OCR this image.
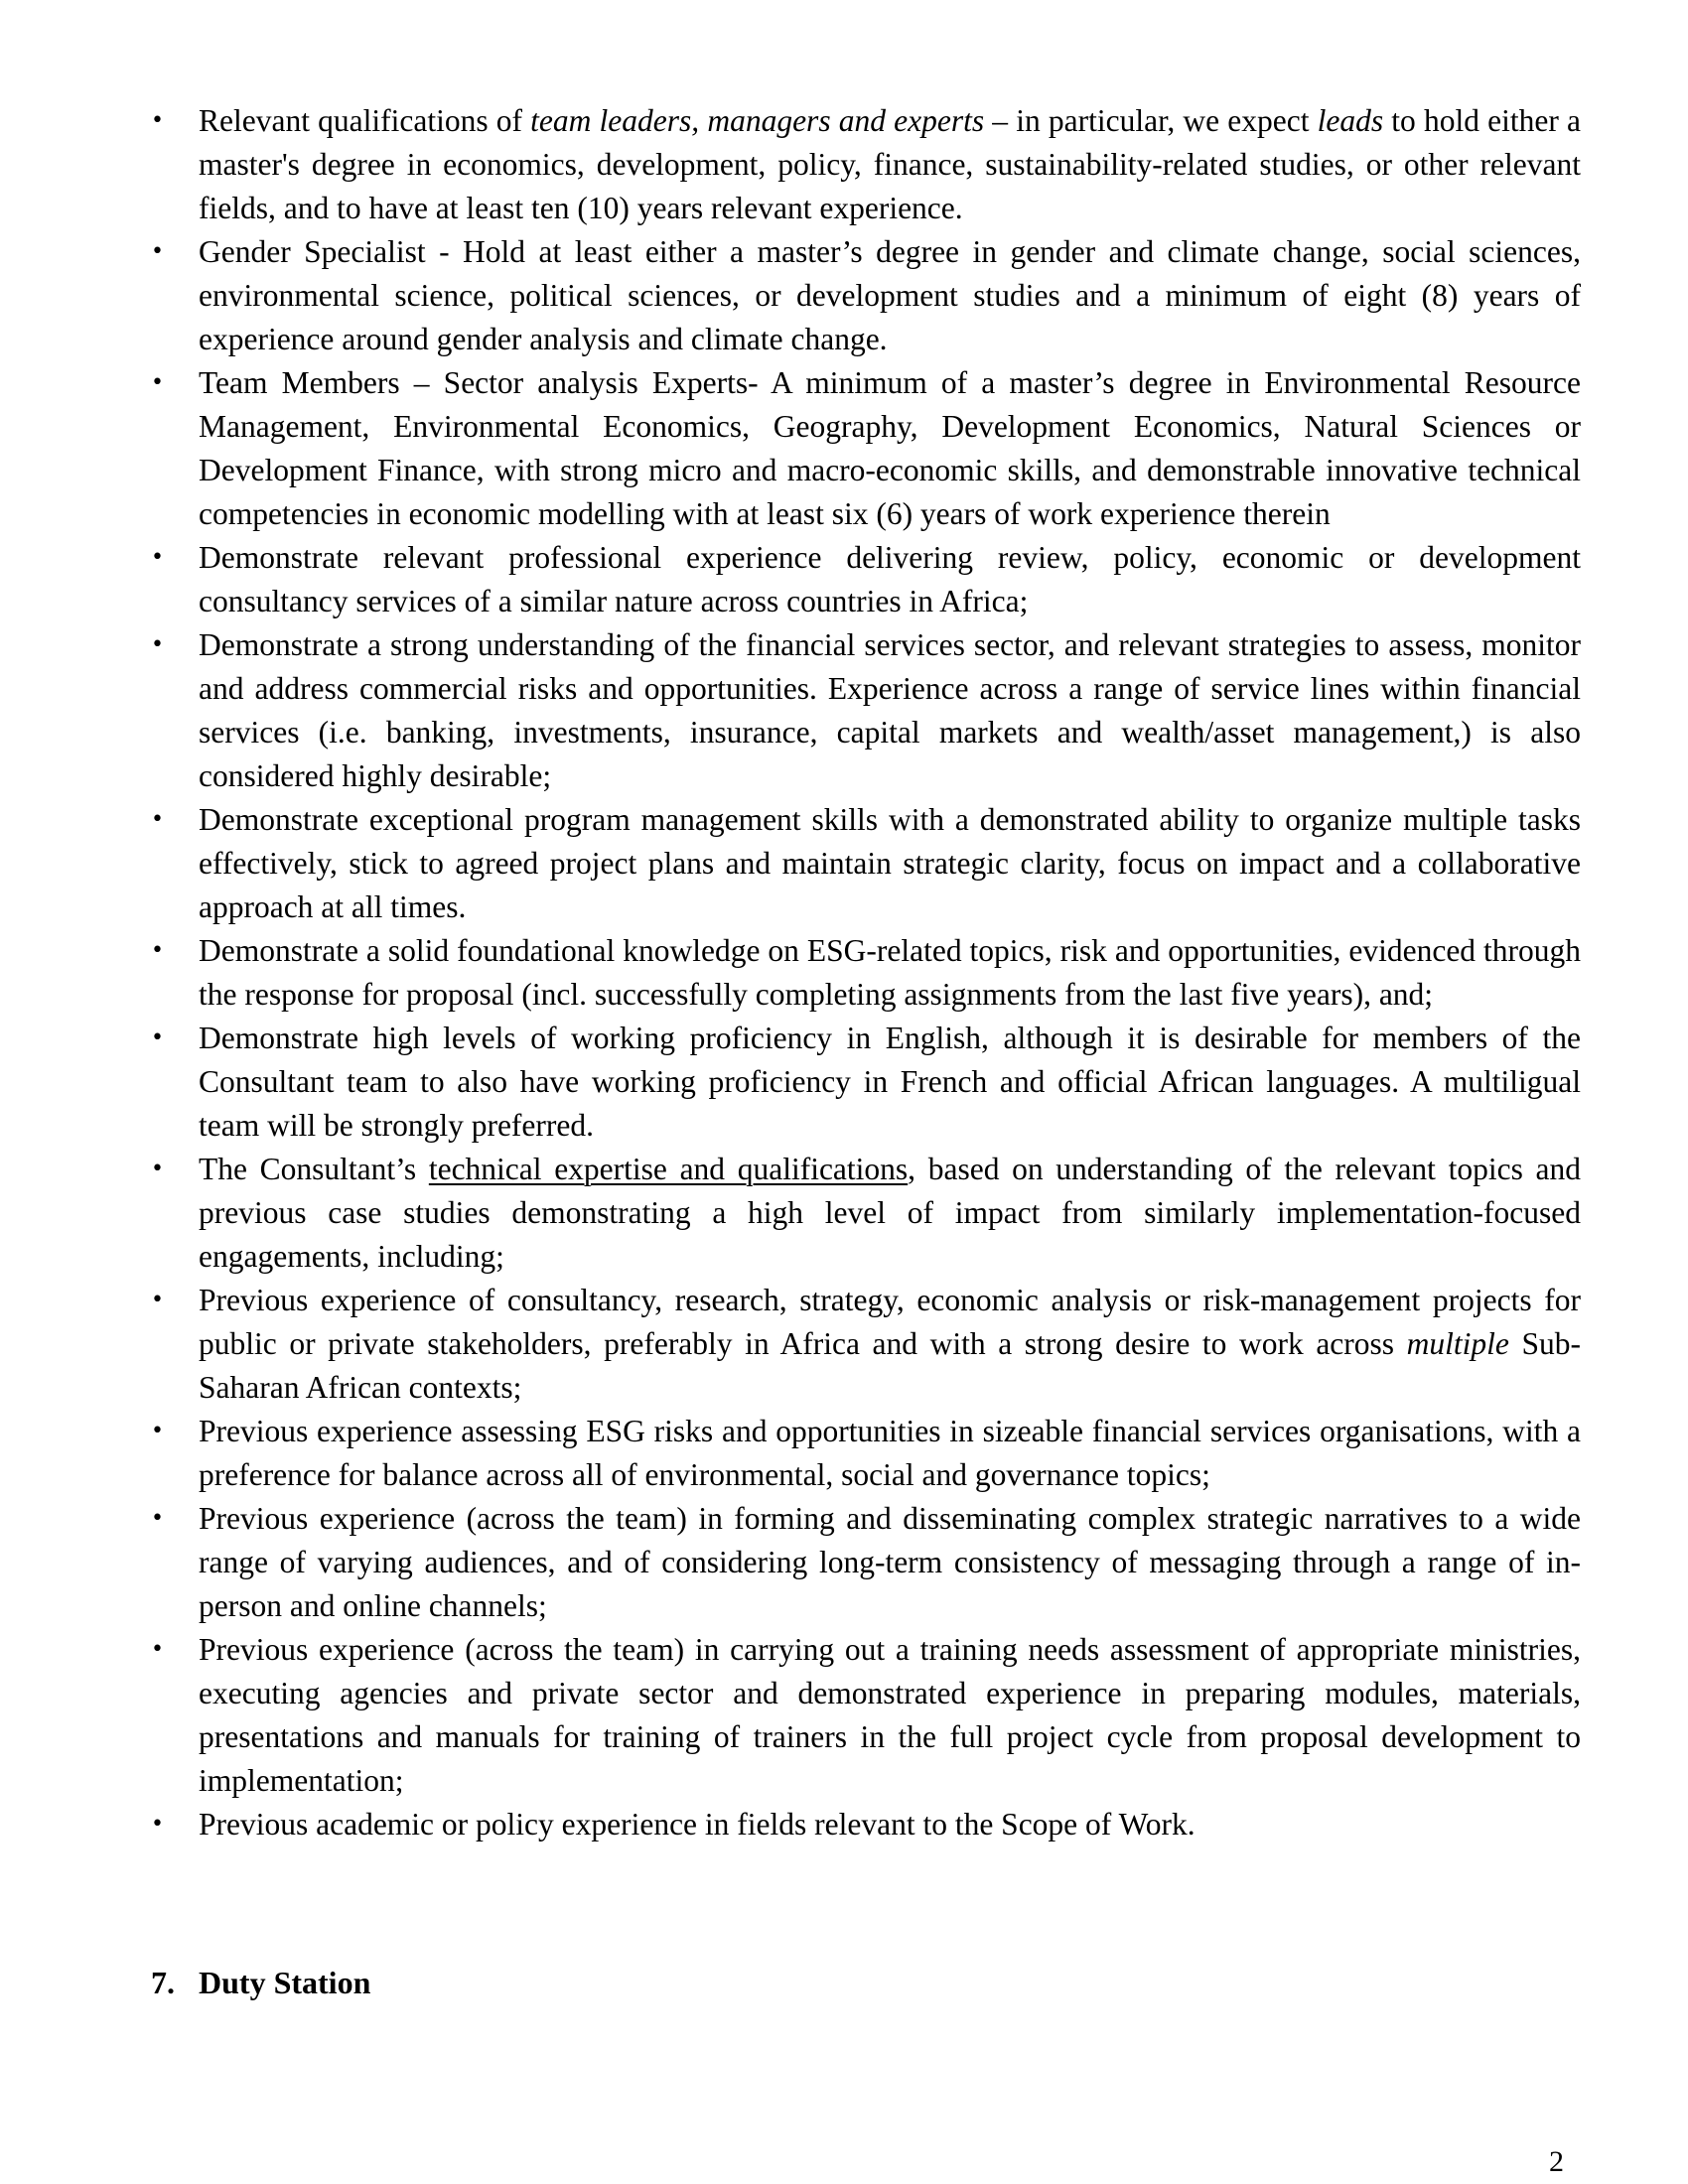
•	Relevant qualifications of team leaders, managers and experts – in particular, we expect leads to hold either a master's degree in economics, development, policy, finance, sustainability-related studies, or other relevant fields, and to have at least ten (10) years relevant experience.
•	Gender Specialist - Hold at least either a master’s degree in gender and climate change, social sciences, environmental science, political sciences, or development studies and a minimum of eight (8) years of experience around gender analysis and climate change.
•	Team Members – Sector analysis Experts- A minimum of a master’s degree in Environmental Resource Management, Environmental Economics, Geography, Development Economics, Natural Sciences or Development Finance, with strong micro and macro-economic skills, and demonstrable innovative technical competencies in economic modelling with at least six (6) years of work experience therein
•	Demonstrate relevant professional experience delivering review, policy, economic or development consultancy services of a similar nature across countries in Africa;
•	Demonstrate a strong understanding of the financial services sector, and relevant strategies to assess, monitor and address commercial risks and opportunities. Experience across a range of service lines within financial services (i.e. banking, investments, insurance, capital markets and wealth/asset management,) is also considered highly desirable;
•	Demonstrate exceptional program management skills with a demonstrated ability to organize multiple tasks effectively, stick to agreed project plans and maintain strategic clarity, focus on impact and a collaborative approach at all times.
•	Demonstrate a solid foundational knowledge on ESG-related topics, risk and opportunities, evidenced through the response for proposal (incl. successfully completing assignments from the last five years), and;
•	Demonstrate high levels of working proficiency in English, although it is desirable for members of the Consultant team to also have working proficiency in French and official African languages. A multiligual team will be strongly preferred.
•	The Consultant’s technical expertise and qualifications, based on understanding of the relevant topics and previous case studies demonstrating a high level of impact from similarly implementation-focused engagements, including;
•	Previous experience of consultancy, research, strategy, economic analysis or risk-management projects for public or private stakeholders, preferably in Africa and with a strong desire to work across multiple Sub-Saharan African contexts;
•	Previous experience assessing ESG risks and opportunities in sizeable financial services organisations, with a preference for balance across all of environmental, social and governance topics;
•	Previous experience (across the team) in forming and disseminating complex strategic narratives to a wide range of varying audiences, and of considering long-term consistency of messaging through a range of in-person and online channels;
•	Previous experience (across the team) in carrying out a training needs assessment of appropriate ministries, executing agencies and private sector and demonstrated experience in preparing modules, materials, presentations and manuals for training of trainers in the full project cycle from proposal development to implementation;
•	Previous academic or policy experience in fields relevant to the Scope of Work.
7. Duty Station
2
